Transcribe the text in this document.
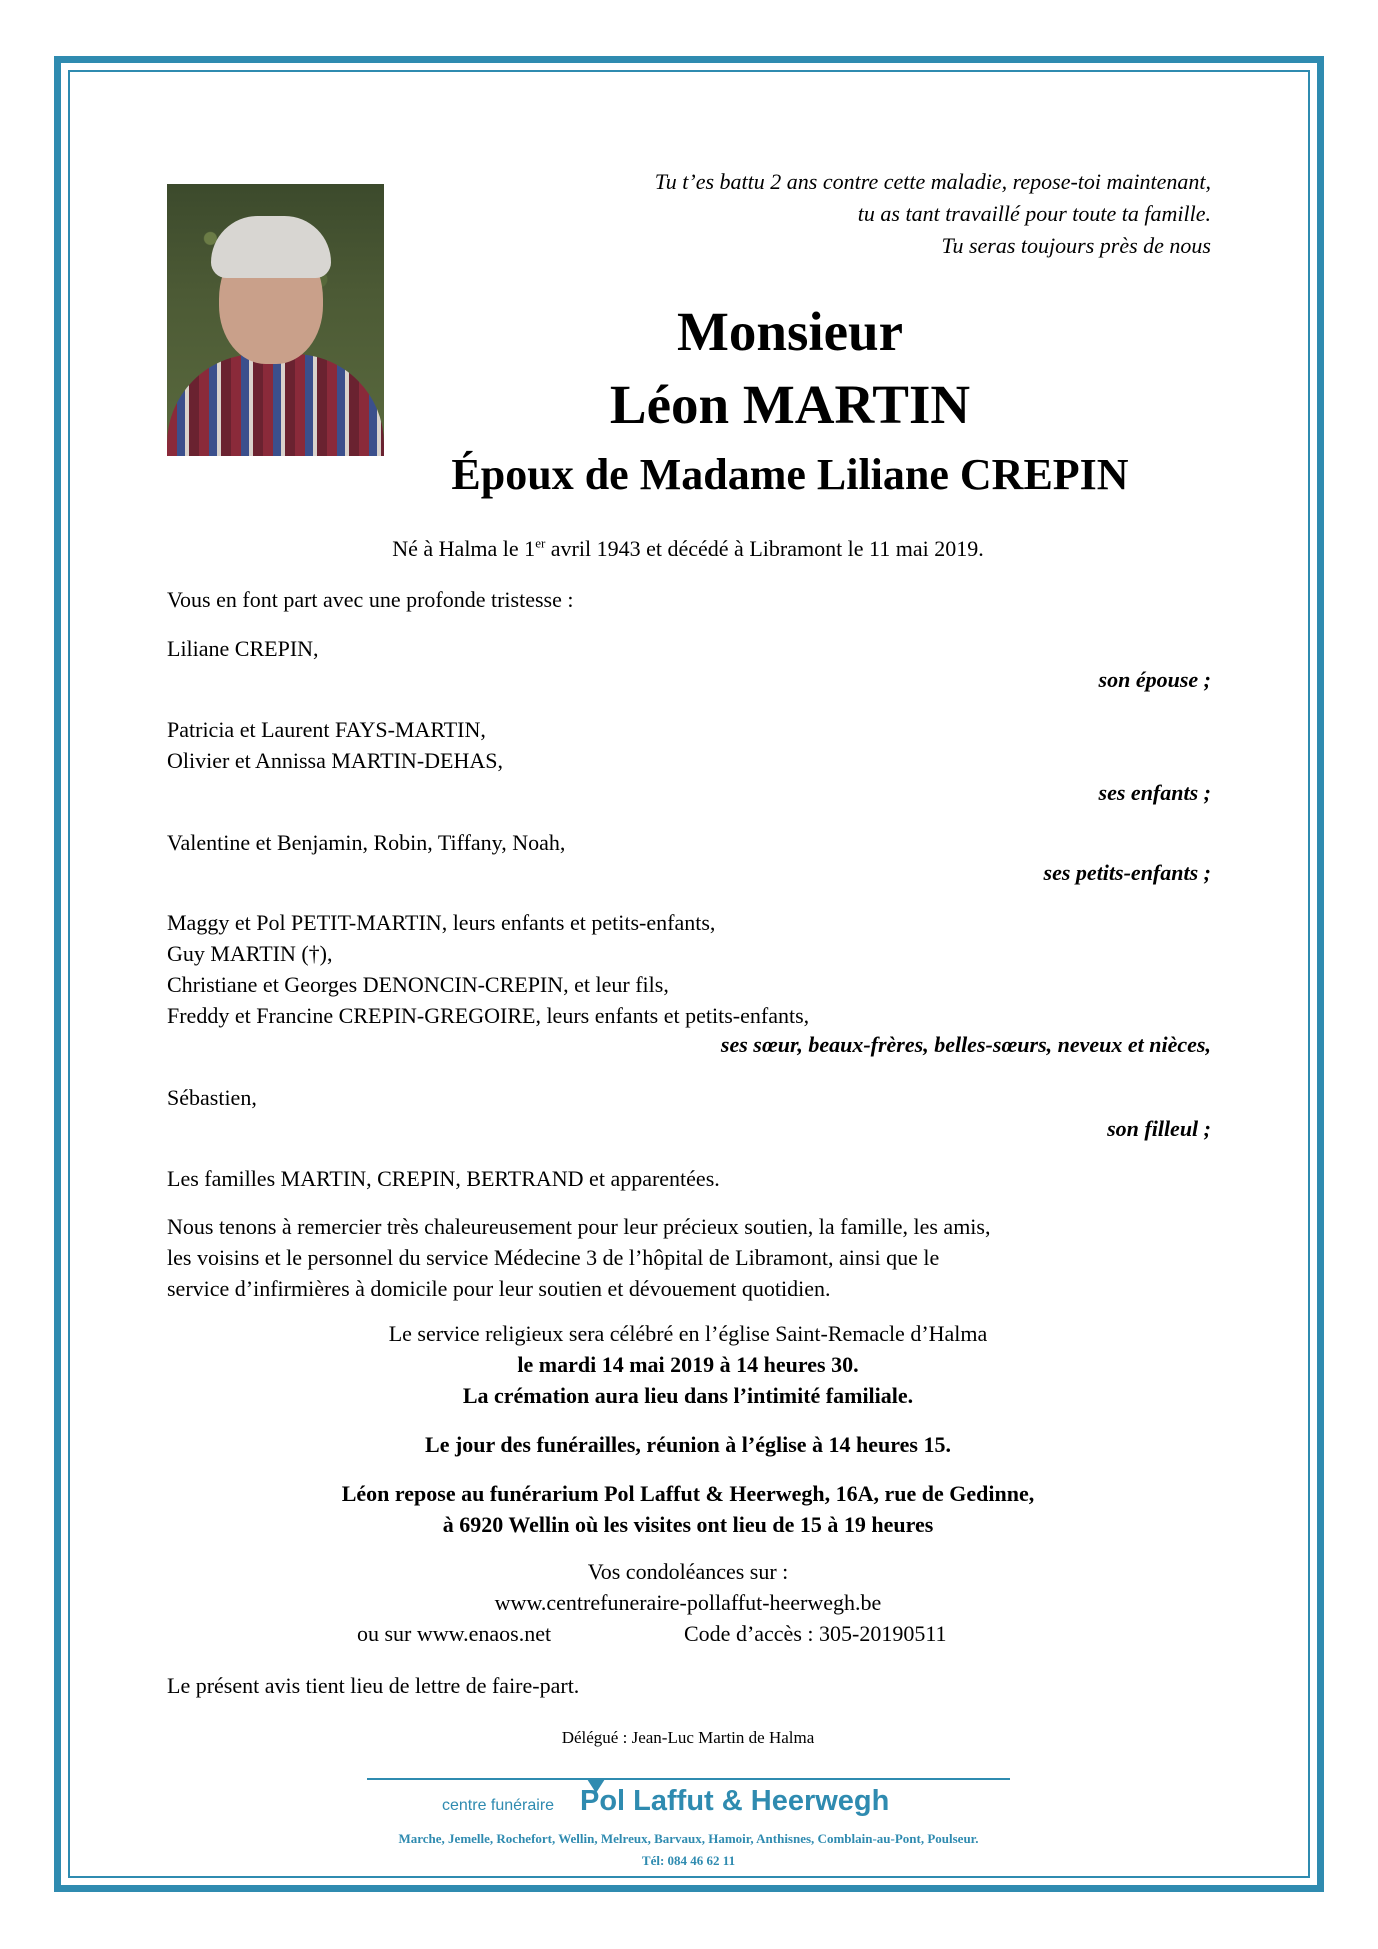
Tu t’es battu 2 ans contre cette maladie, repose-toi maintenant,
tu as tant travaillé pour toute ta famille.
Tu seras toujours près de nous
Monsieur
Léon MARTIN
Époux de Madame Liliane CREPIN
Né à Halma le 1er avril 1943 et décédé à Libramont le 11 mai 2019.
Vous en font part avec une profonde tristesse :
Liliane CREPIN,
son épouse ;
Patricia et Laurent FAYS-MARTIN,
Olivier et Annissa MARTIN-DEHAS,
ses enfants ;
Valentine et Benjamin, Robin, Tiffany, Noah,
ses petits-enfants ;
Maggy et Pol PETIT-MARTIN, leurs enfants et petits-enfants,
Guy MARTIN (†),
Christiane et Georges DENONCIN-CREPIN, et leur fils,
Freddy et Francine CREPIN-GREGOIRE, leurs enfants et petits-enfants,
ses sœur, beaux-frères, belles-sœurs, neveux et nièces,
Sébastien,
son filleul ;
Les familles MARTIN, CREPIN, BERTRAND et apparentées.
Nous tenons à remercier très chaleureusement pour leur précieux soutien, la famille, les amis,
les voisins et le personnel du service Médecine 3 de l’hôpital de Libramont, ainsi que le
service d’infirmières à domicile pour leur soutien et dévouement quotidien.
Le service religieux sera célébré en l’église Saint-Remacle d’Halma
le mardi 14 mai 2019 à 14 heures 30.
La crémation aura lieu dans l’intimité familiale.
Le jour des funérailles, réunion à l’église à 14 heures 15.
Léon repose au funérarium Pol Laffut & Heerwegh, 16A, rue de Gedinne,
à 6920 Wellin où les visites ont lieu de 15 à 19 heures
Vos condoléances sur :
www.centrefuneraire-pollaffut-heerwegh.be
ou sur www.enaos.net	Code d’accès : 305-20190511
Le présent avis tient lieu de lettre de faire-part.
Délégué : Jean-Luc Martin de Halma
centre funéraire Pol Laffut & Heerwegh
Marche, Jemelle, Rochefort, Wellin, Melreux, Barvaux, Hamoir, Anthisnes, Comblain-au-Pont, Poulseur.
Tél: 084 46 62 11
